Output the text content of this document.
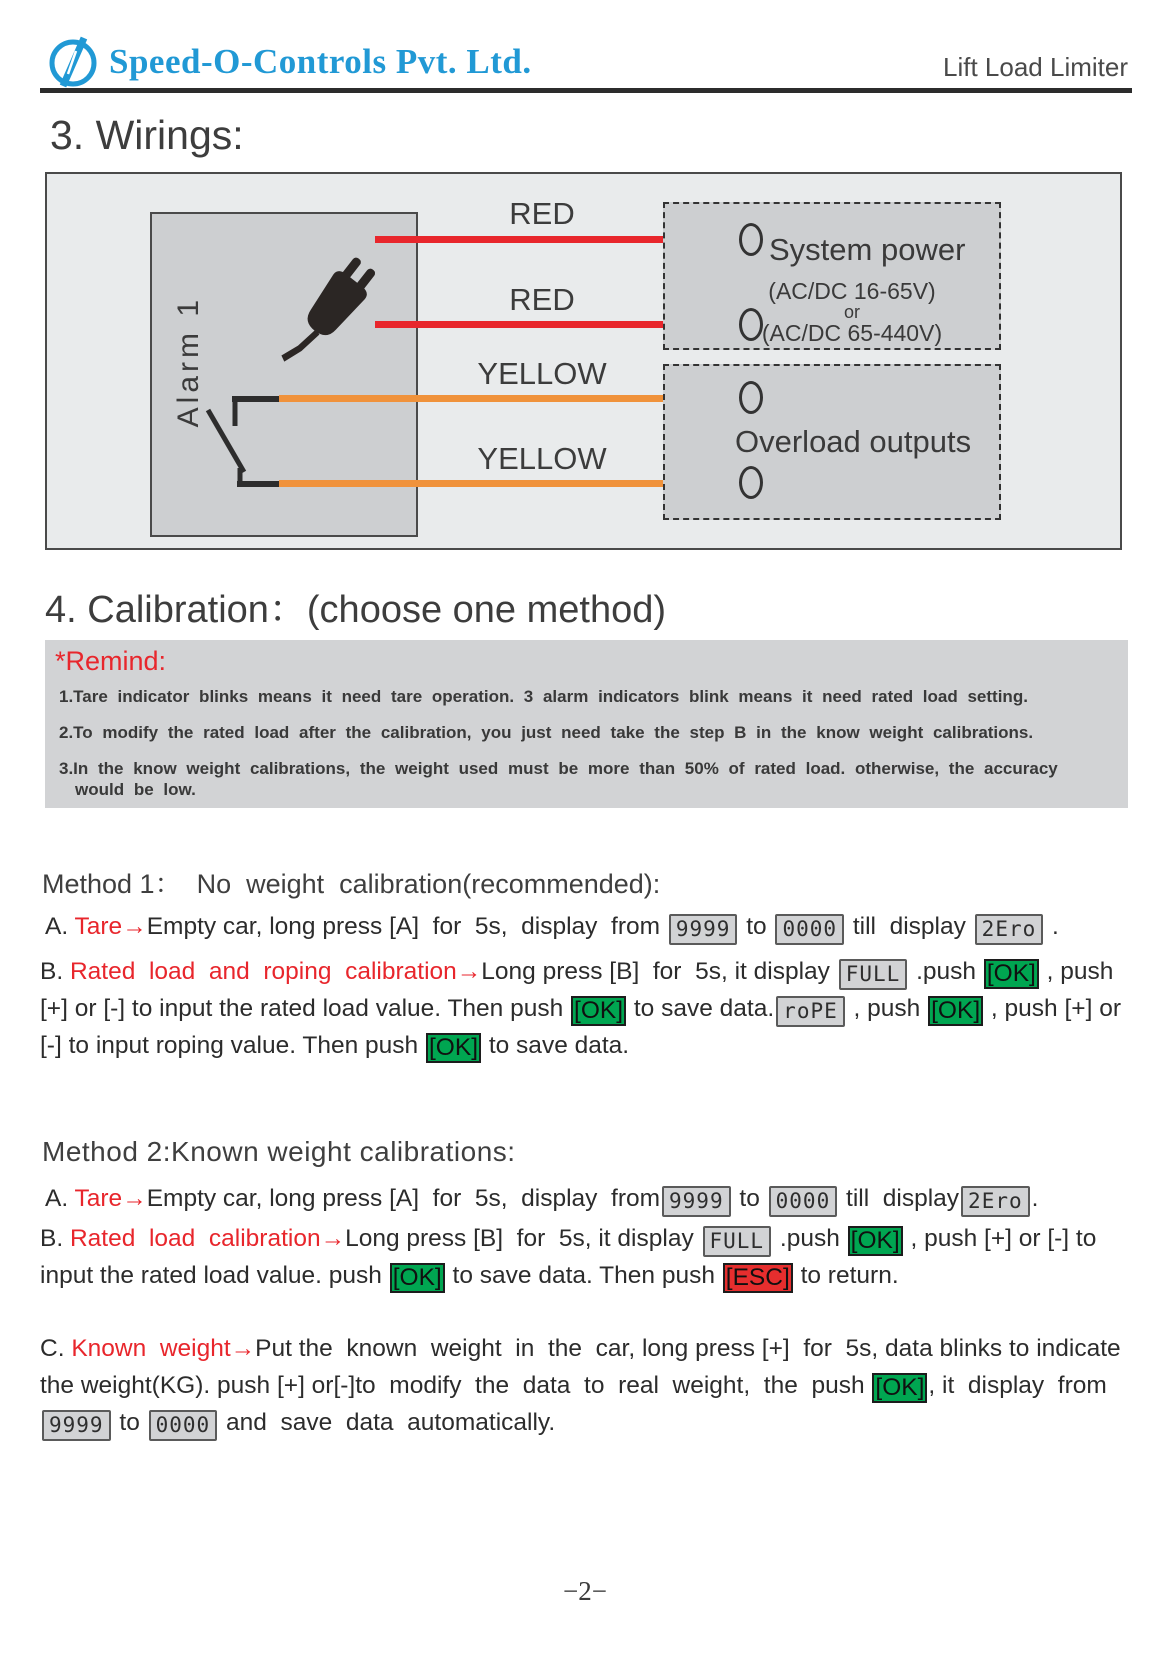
Speed-O-Controls Pvt. Ltd.	Lift Load Limiter
3. Wirings:
Alarm 1
RED
RED
YELLOW
YELLOW
System power
(AC/DC 16-65V)
or
(AC/DC 65-440V)
Overload outputs
4. Calibration：(choose one method)
*Remind:
1.Tare indicator blinks means it need tare operation. 3 alarm indicators blink means it need rated load setting.
2.To modify the rated load after the calibration, you just need take the step B in the know weight calibrations.
3.In the know weight calibrations, the weight used must be more than 50% of rated load. otherwise, the accuracy would be low.
Method 1：  No  weight  calibration(recommended):
A. Tare→Empty car, long press [A]  for  5s,  display  from 9999 to 0000 till  display 2Ero .
B. Rated  load  and  roping  calibration→Long press [B]  for  5s, it display FULL .push [OK] , push [+] or [-] to input the rated load value. Then push [OK] to save data. roPE , push [OK] , push [+] or [-] to input roping value. Then push [OK] to save data.
Method 2:Known weight calibrations:
A. Tare→Empty car, long press [A]  for  5s,  display  from 9999 to 0000 till  display 2Ero .
B. Rated  load  calibration→Long press [B]  for  5s, it display FULL .push [OK] , push [+] or [-] to input the rated load value. push [OK] to save data. Then push [ESC] to return.
C. Known  weight→Put the  known  weight  in  the  car, long press [+]  for  5s, data blinks to indicate the weight(KG). push [+] or[-]to  modify  the  data  to  real  weight,  the  push [OK] , it  display  from9999 to 0000 and  save  data  automatically.
−2−
